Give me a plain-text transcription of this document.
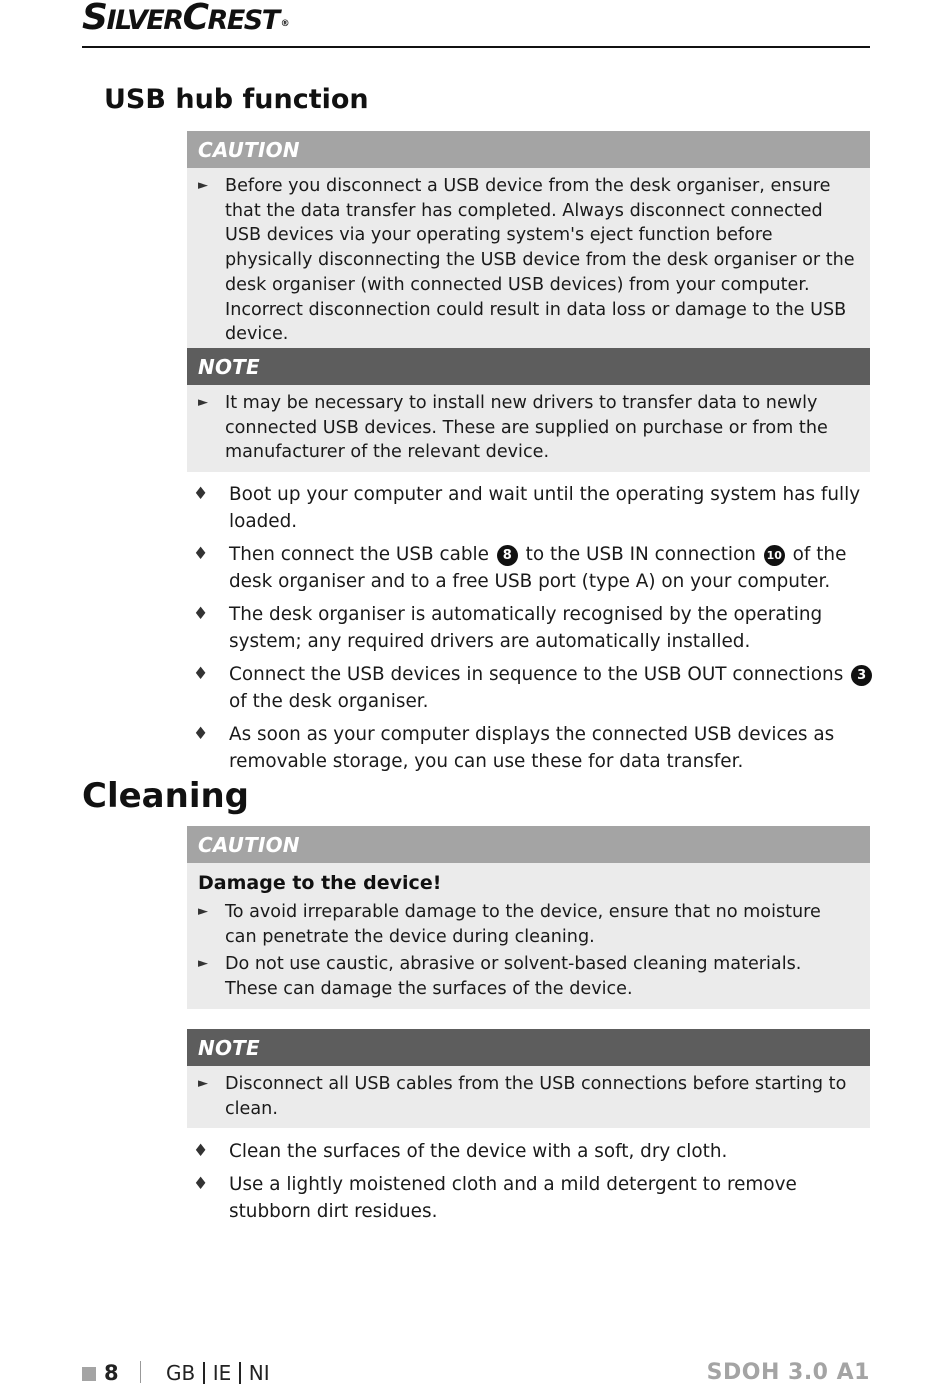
SILVERCREST ®
USB hub function
CAUTION
► Before you disconnect a USB device from the desk organiser, ensure that the data transfer has completed. Always disconnect connected USB devices via your operating system's eject function before physically disconnecting the USB device from the desk organiser or the desk organiser (with connected USB devices) from your computer. Incorrect disconnection could result in data loss or damage to the USB device.
NOTE
► It may be necessary to install new drivers to transfer data to newly connected USB devices. These are supplied on purchase or from the manufacturer of the relevant device.
♦ Boot up your computer and wait until the operating system has fully loaded.
♦ Then connect the USB cable 8 to the USB IN connection 10 of the desk organiser and to a free USB port (type A) on your computer.
♦ The desk organiser is automatically recognised by the operating system; any required drivers are automatically installed.
♦ Connect the USB devices in sequence to the USB OUT connections 3 of the desk organiser.
♦ As soon as your computer displays the connected USB devices as removable storage, you can use these for data transfer.
Cleaning
CAUTION
Damage to the device!
► To avoid irreparable damage to the device, ensure that no moisture can penetrate the device during cleaning.
► Do not use caustic, abrasive or solvent-based cleaning materials. These can damage the surfaces of the device.
NOTE
► Disconnect all USB cables from the USB connections before starting to clean.
♦ Clean the surfaces of the device with a soft, dry cloth.
♦ Use a lightly moistened cloth and a mild detergent to remove stubborn dirt residues.
8 GB IE NI	SDOH 3.0 A1
